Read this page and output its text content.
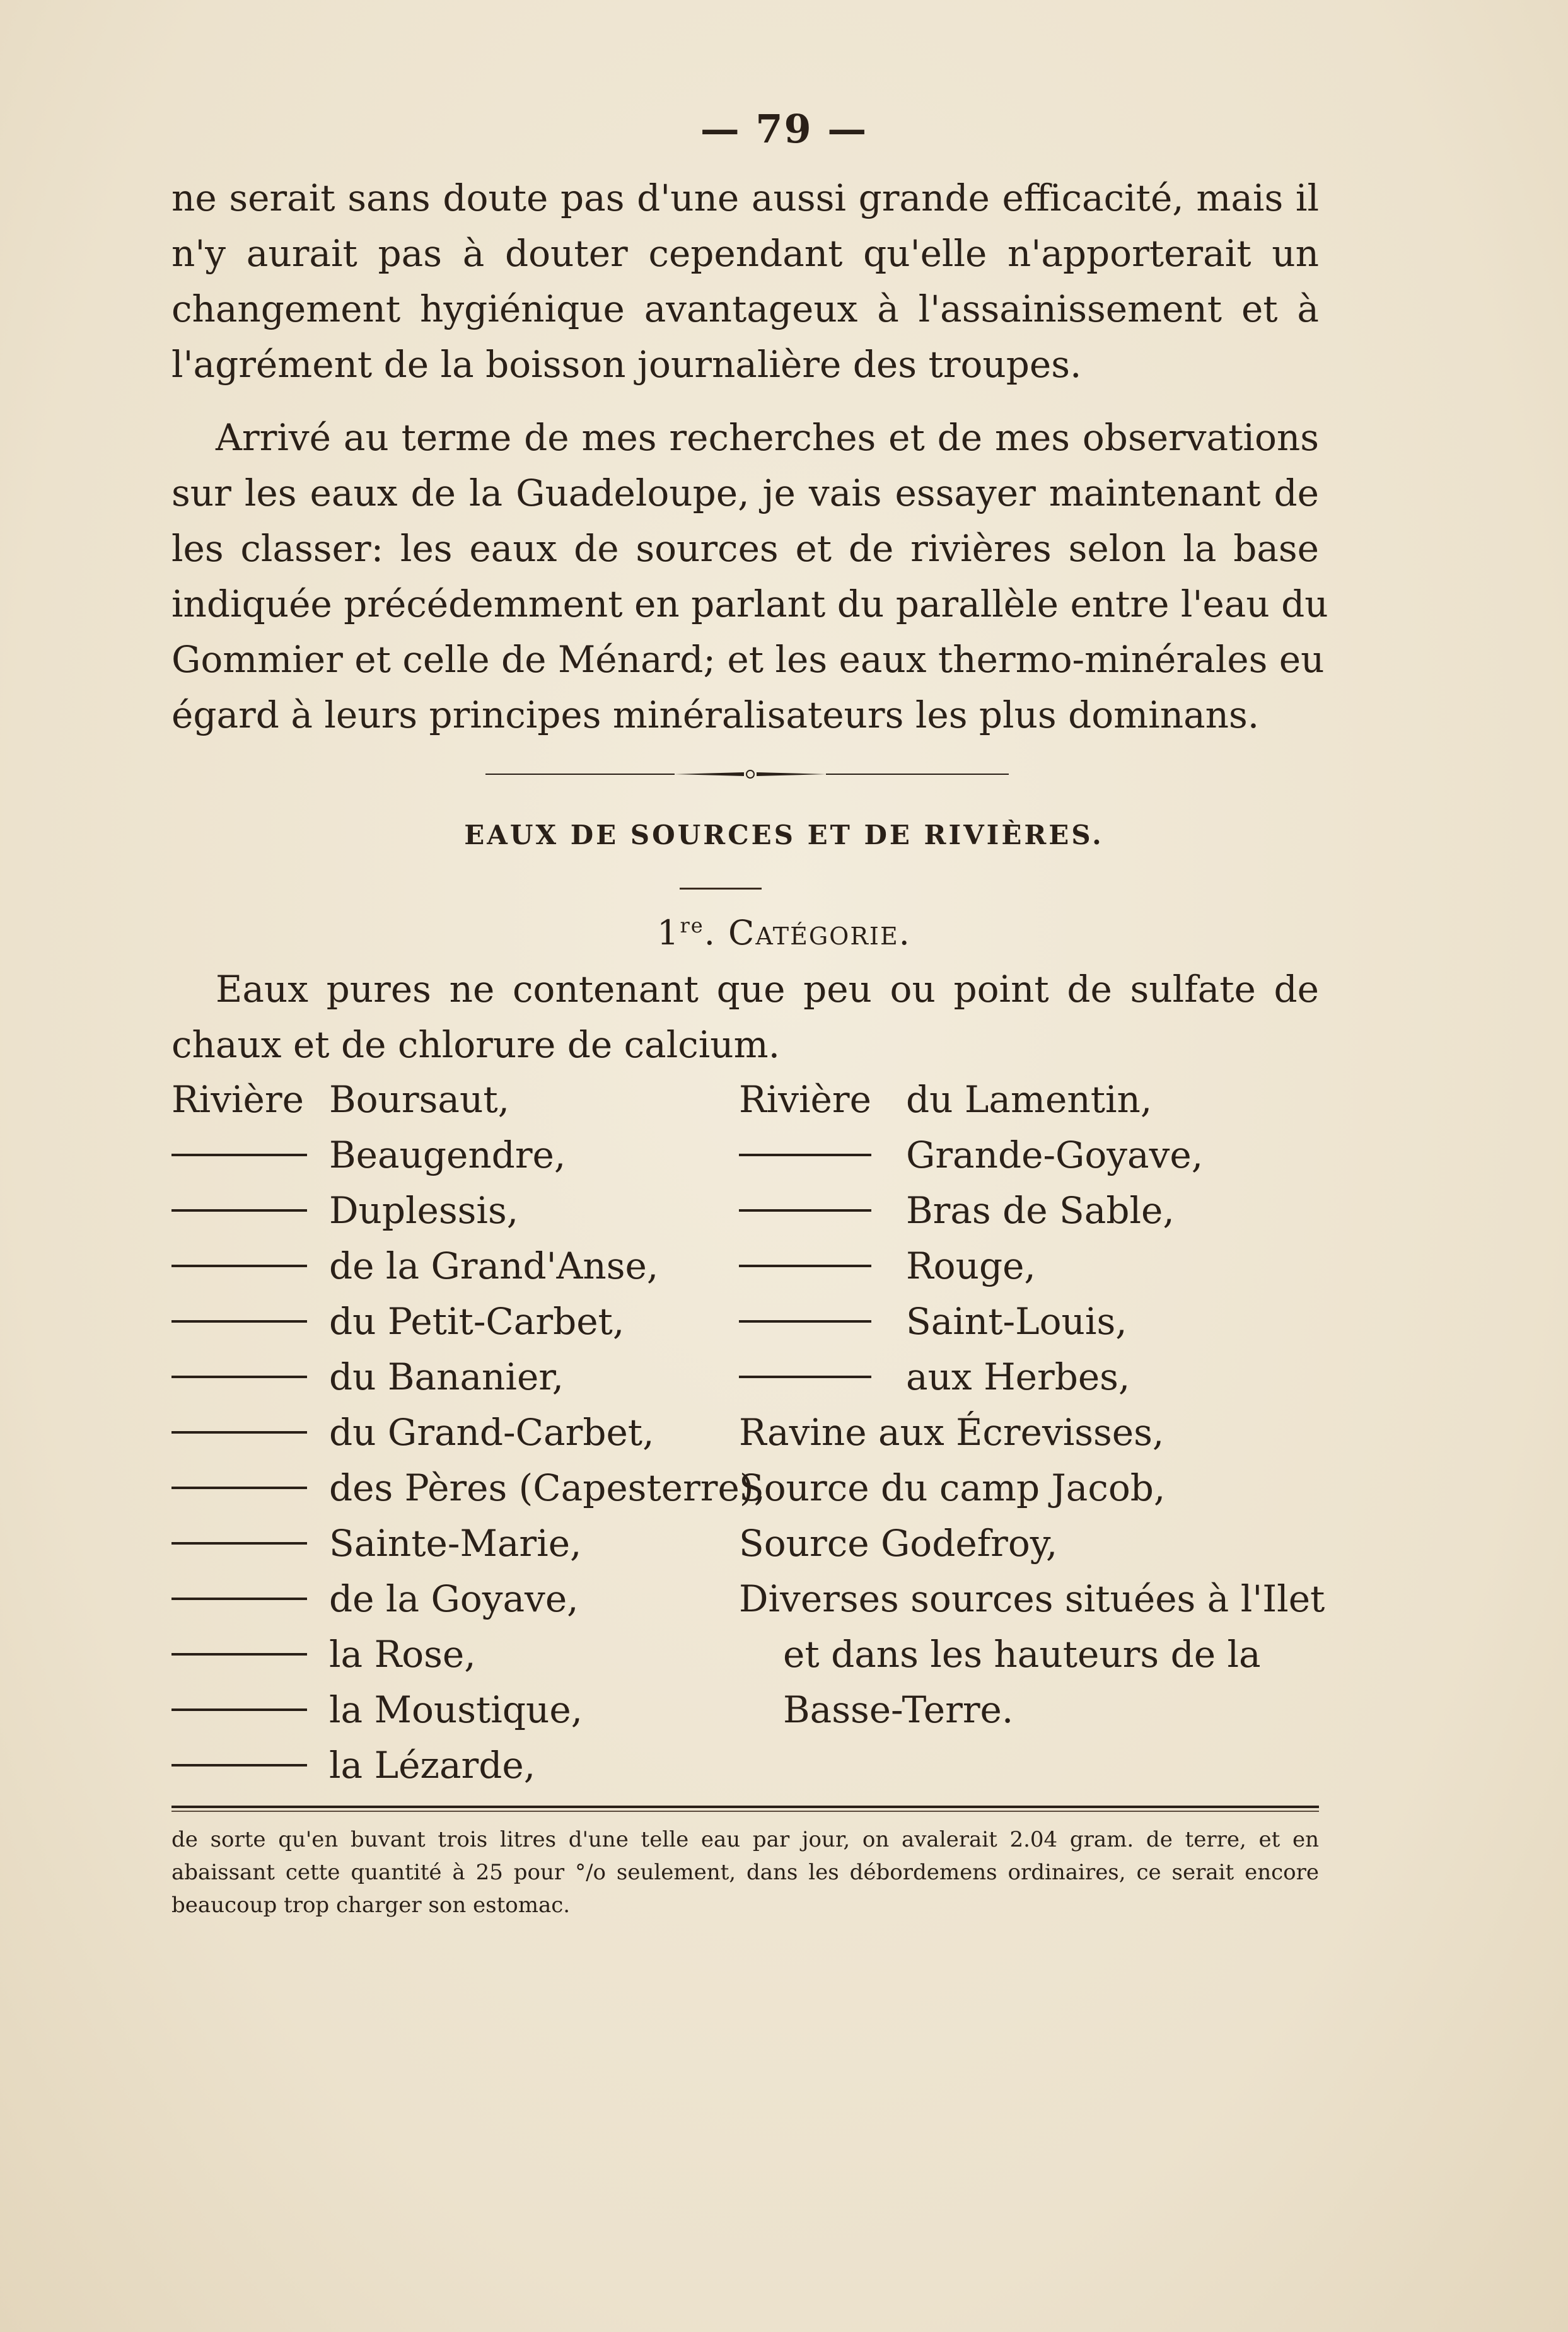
— 79 —
ne serait sans doute pas d'une aussi grande efficacité, mais il
n'y aurait pas à douter cependant qu'elle n'apporterait un
changement hygiénique avantageux à l'assainissement et à
l'agrément de la boisson journalière des troupes.
Arrivé au terme de mes recherches et de mes observations
sur les eaux de la Guadeloupe, je vais essayer maintenant de
les classer: les eaux de sources et de rivières selon la base
indiquée précédemment en parlant du parallèle entre l'eau du
Gommier et celle de Ménard; et les eaux thermo-minérales eu
égard à leurs principes minéralisateurs les plus dominans.
EAUX DE SOURCES ET DE RIVIÈRES.
1re. Catégorie.
Eaux pures ne contenant que peu ou point de sulfate de
chaux et de chlorure de calcium.
Rivière Boursaut,
Beaugendre,
Duplessis,
de la Grand'Anse,
du Petit-Carbet,
du Bananier,
du Grand-Carbet,
des Pères (Capesterre),
Sainte-Marie,
de la Goyave,
la Rose,
la Moustique,
la Lézarde,
Rivière du Lamentin,
Grande-Goyave,
Bras de Sable,
Rouge,
Saint-Louis,
aux Herbes,
Ravine aux Écrevisses,
Source du camp Jacob,
Source Godefroy,
Diverses sources situées à l'Ilet
et dans les hauteurs de la
Basse-Terre.
de sorte qu'en buvant trois litres d'une telle eau par jour, on avalerait 2.04 gram. de terre, et en
abaissant cette quantité à 25 pour °/o seulement, dans les débordemens ordinaires, ce serait encore
beaucoup trop charger son estomac.
